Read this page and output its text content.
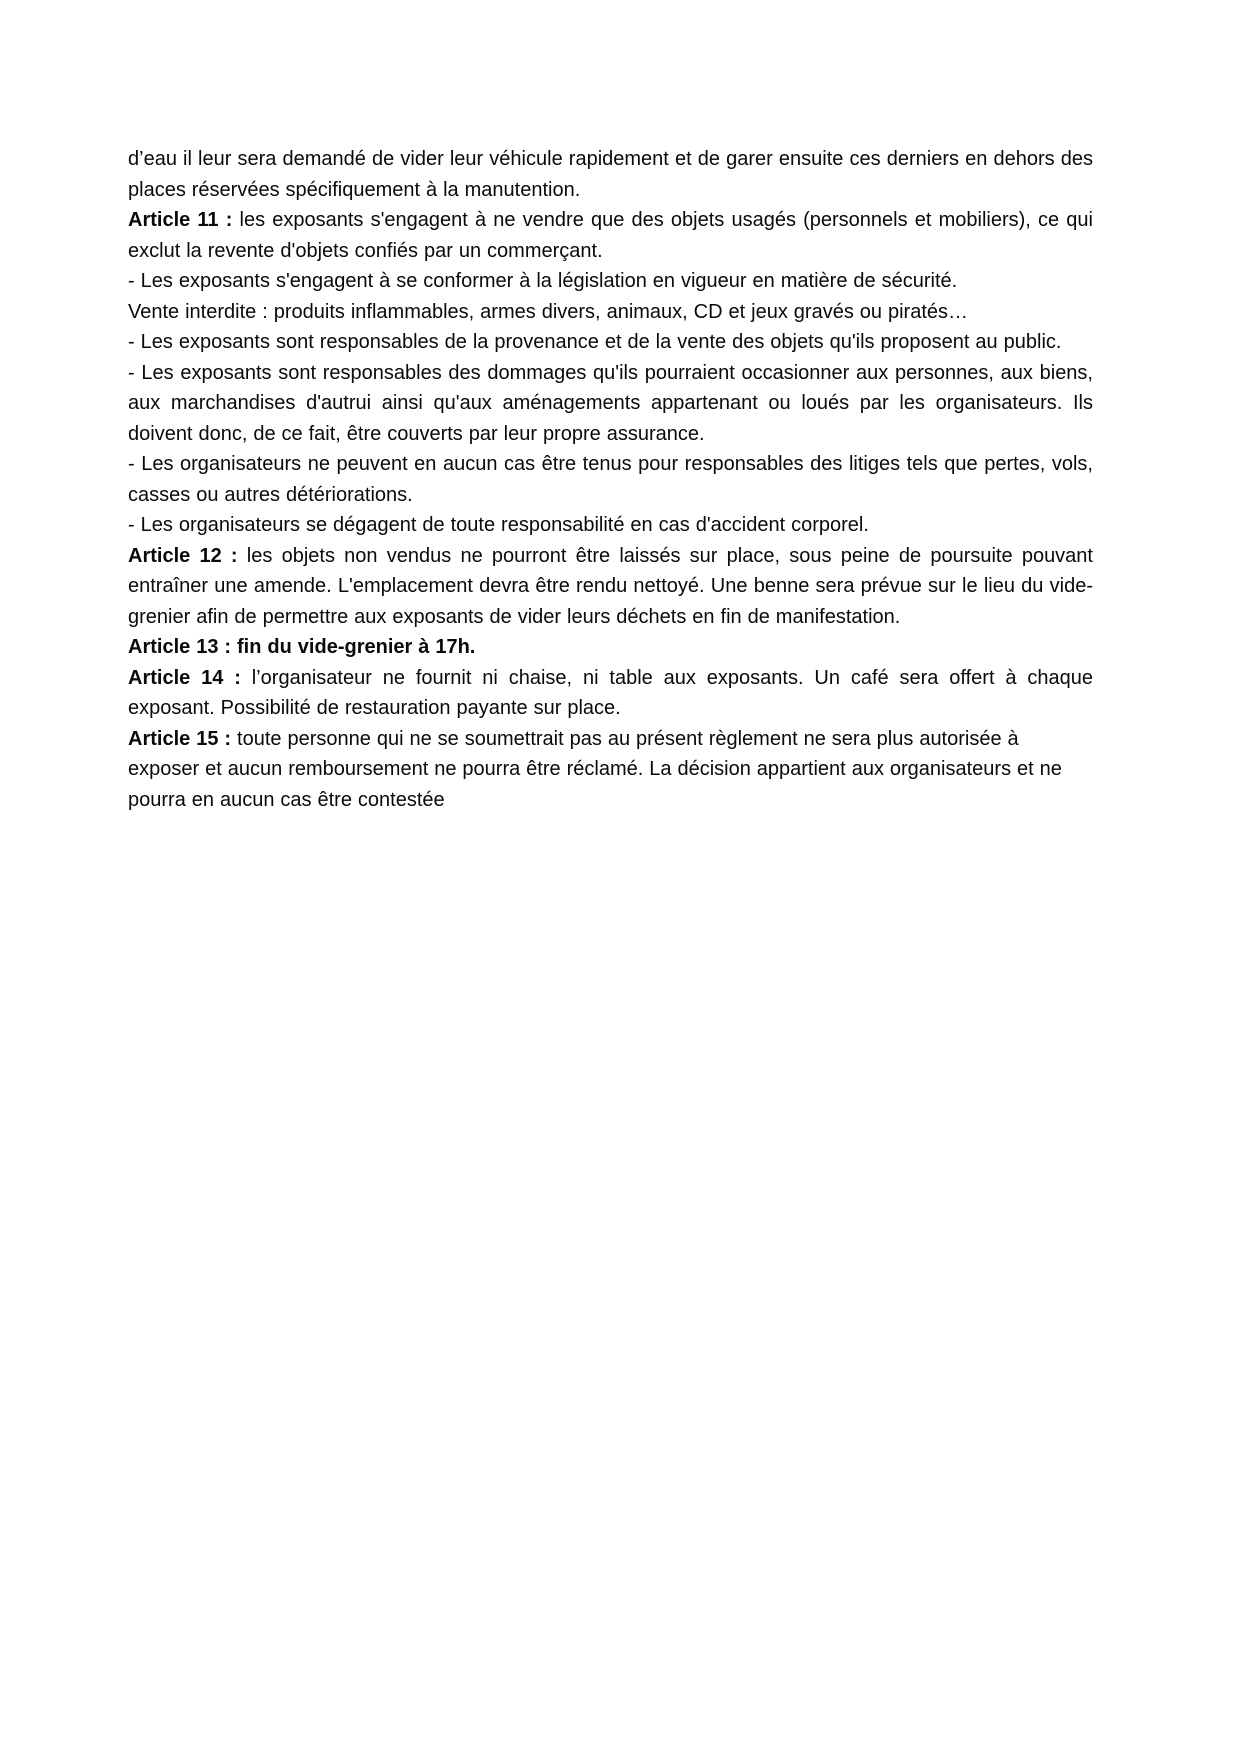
d’eau il leur sera demandé de vider leur véhicule rapidement et de garer ensuite ces derniers en dehors des places réservées spécifiquement à la manutention.

Article 11 : les exposants s'engagent à ne vendre que des objets usagés (personnels et mobiliers), ce qui exclut la revente d'objets confiés par un commerçant.

- Les exposants s'engagent à se conformer à la législation en vigueur en matière de sécurité.

Vente interdite : produits inflammables, armes divers, animaux, CD et jeux gravés ou piratés…

- Les exposants sont responsables de la provenance et de la vente des objets qu'ils proposent au public.

- Les exposants sont responsables des dommages qu'ils pourraient occasionner aux personnes, aux biens, aux marchandises d'autrui ainsi qu'aux aménagements appartenant ou loués par les organisateurs. Ils doivent donc, de ce fait, être couverts par leur propre assurance.

- Les organisateurs ne peuvent en aucun cas être tenus pour responsables des litiges tels que pertes, vols, casses ou autres détériorations.

- Les organisateurs se dégagent de toute responsabilité en cas d'accident corporel.

Article 12 : les objets non vendus ne pourront être laissés sur place, sous peine de poursuite pouvant entraîner une amende. L'emplacement devra être rendu nettoyé. Une benne sera prévue sur le lieu du vide-grenier afin de permettre aux exposants de vider leurs déchets en fin de manifestation.

Article 13 : fin du vide-grenier à 17h.

Article 14 : l’organisateur ne fournit ni chaise, ni table aux exposants. Un café sera offert à chaque exposant. Possibilité de restauration payante sur place.

Article 15 : toute personne qui ne se soumettrait pas au présent règlement ne sera plus autorisée à exposer et aucun remboursement ne pourra être réclamé. La décision appartient aux organisateurs et ne pourra en aucun cas être contestée
